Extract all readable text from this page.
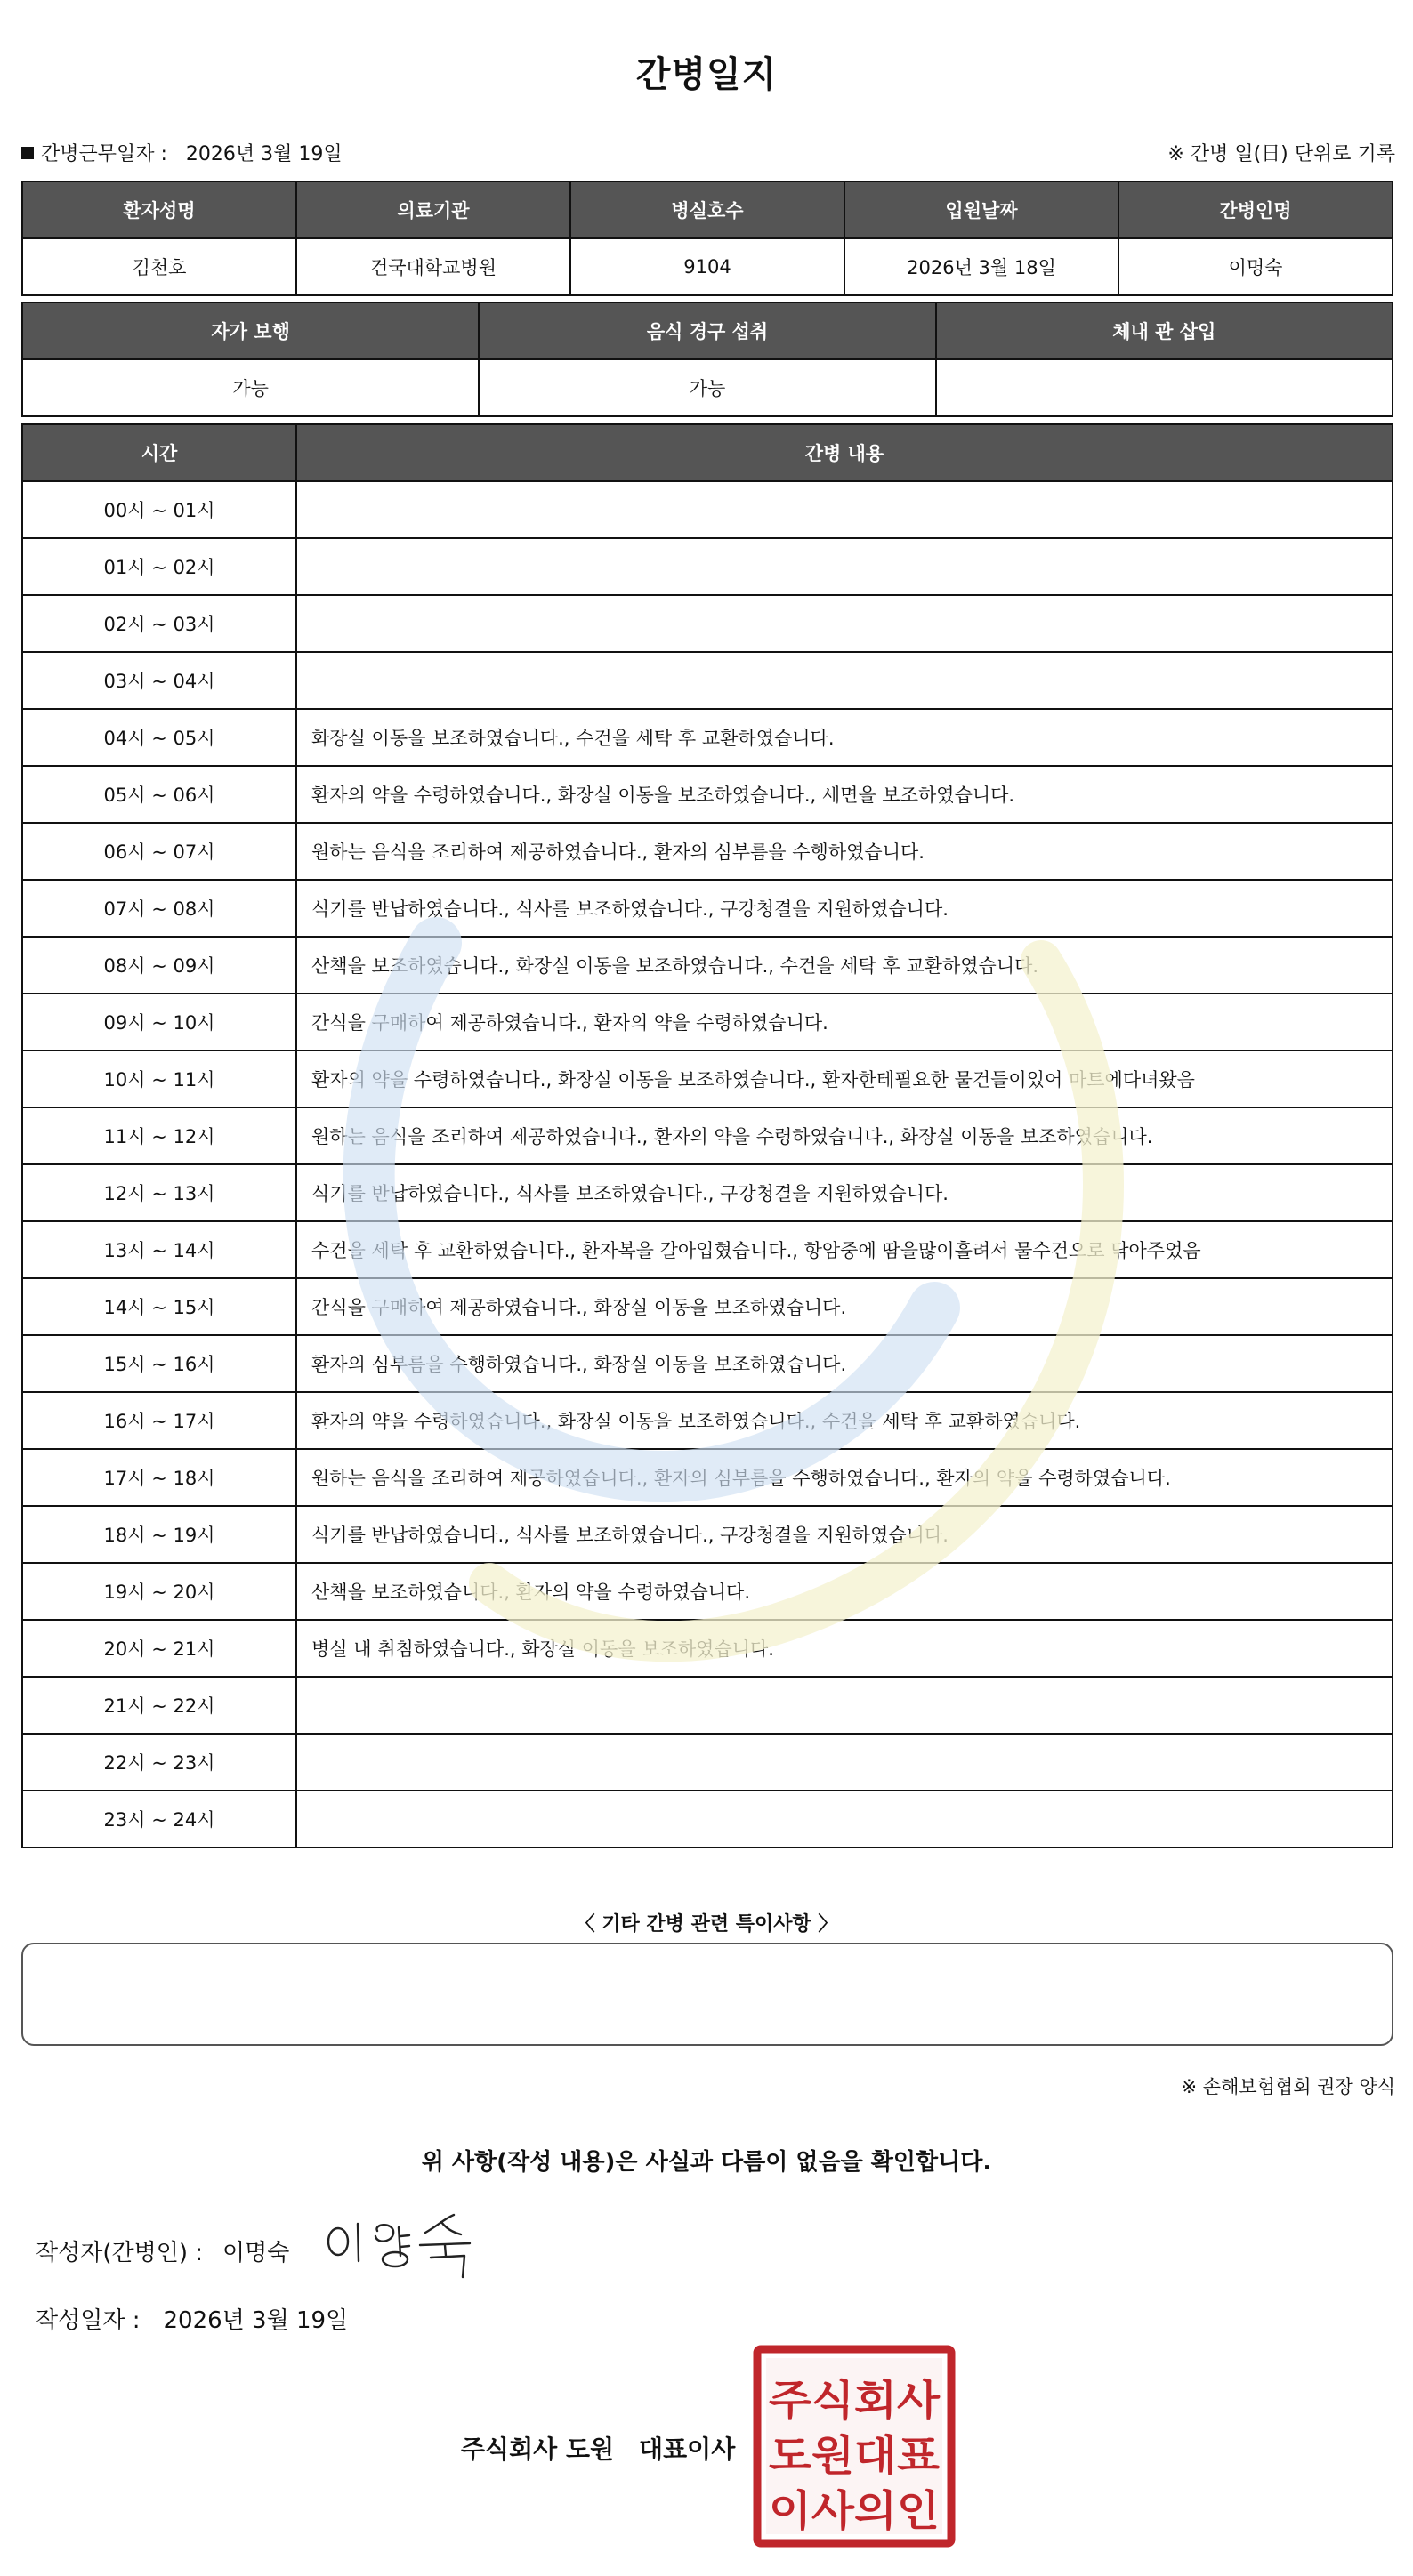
간병일지
간병근무일자 : 2026년 3월 19일	※ 간병 일(日) 단위로 기록
환자성명	의료기관	병실호수	입원날짜	간병인명
김천호	건국대학교병원	9104	2026년 3월 18일	이명숙
자가 보행	음식 경구 섭취	체내 관 삽입
가능	가능	
시간	간병 내용
00시 ~ 01시	
01시 ~ 02시	
02시 ~ 03시	
03시 ~ 04시	
04시 ~ 05시	화장실 이동을 보조하였습니다., 수건을 세탁 후 교환하였습니다.
05시 ~ 06시	환자의 약을 수령하였습니다., 화장실 이동을 보조하였습니다., 세면을 보조하였습니다.
06시 ~ 07시	원하는 음식을 조리하여 제공하였습니다., 환자의 심부름을 수행하였습니다.
07시 ~ 08시	식기를 반납하였습니다., 식사를 보조하였습니다., 구강청결을 지원하였습니다.
08시 ~ 09시	산책을 보조하였습니다., 화장실 이동을 보조하였습니다., 수건을 세탁 후 교환하였습니다.
09시 ~ 10시	간식을 구매하여 제공하였습니다., 환자의 약을 수령하였습니다.
10시 ~ 11시	환자의 약을 수령하였습니다., 화장실 이동을 보조하였습니다., 환자한테필요한 물건들이있어 마트에다녀왔음
11시 ~ 12시	원하는 음식을 조리하여 제공하였습니다., 환자의 약을 수령하였습니다., 화장실 이동을 보조하였습니다.
12시 ~ 13시	식기를 반납하였습니다., 식사를 보조하였습니다., 구강청결을 지원하였습니다.
13시 ~ 14시	수건을 세탁 후 교환하였습니다., 환자복을 갈아입혔습니다., 항암중에 땀을많이흘려서 물수건으로 닦아주었음
14시 ~ 15시	간식을 구매하여 제공하였습니다., 화장실 이동을 보조하였습니다.
15시 ~ 16시	환자의 심부름을 수행하였습니다., 화장실 이동을 보조하였습니다.
16시 ~ 17시	환자의 약을 수령하였습니다., 화장실 이동을 보조하였습니다., 수건을 세탁 후 교환하였습니다.
17시 ~ 18시	원하는 음식을 조리하여 제공하였습니다., 환자의 심부름을 수행하였습니다., 환자의 약을 수령하였습니다.
18시 ~ 19시	식기를 반납하였습니다., 식사를 보조하였습니다., 구강청결을 지원하였습니다.
19시 ~ 20시	산책을 보조하였습니다., 환자의 약을 수령하였습니다.
20시 ~ 21시	병실 내 취침하였습니다., 화장실 이동을 보조하였습니다.
21시 ~ 22시	
22시 ~ 23시	
23시 ~ 24시	
〈 기타 간병 관련 특이사항 〉
※ 손해보험협회 권장 양식
위 사항(작성 내용)은 사실과 다름이 없음을 확인합니다.
작성자(간병인) : 이명숙
작성일자 : 2026년 3월 19일
주식회사 도원 대표이사
주식회사
도원대표
이사의인
